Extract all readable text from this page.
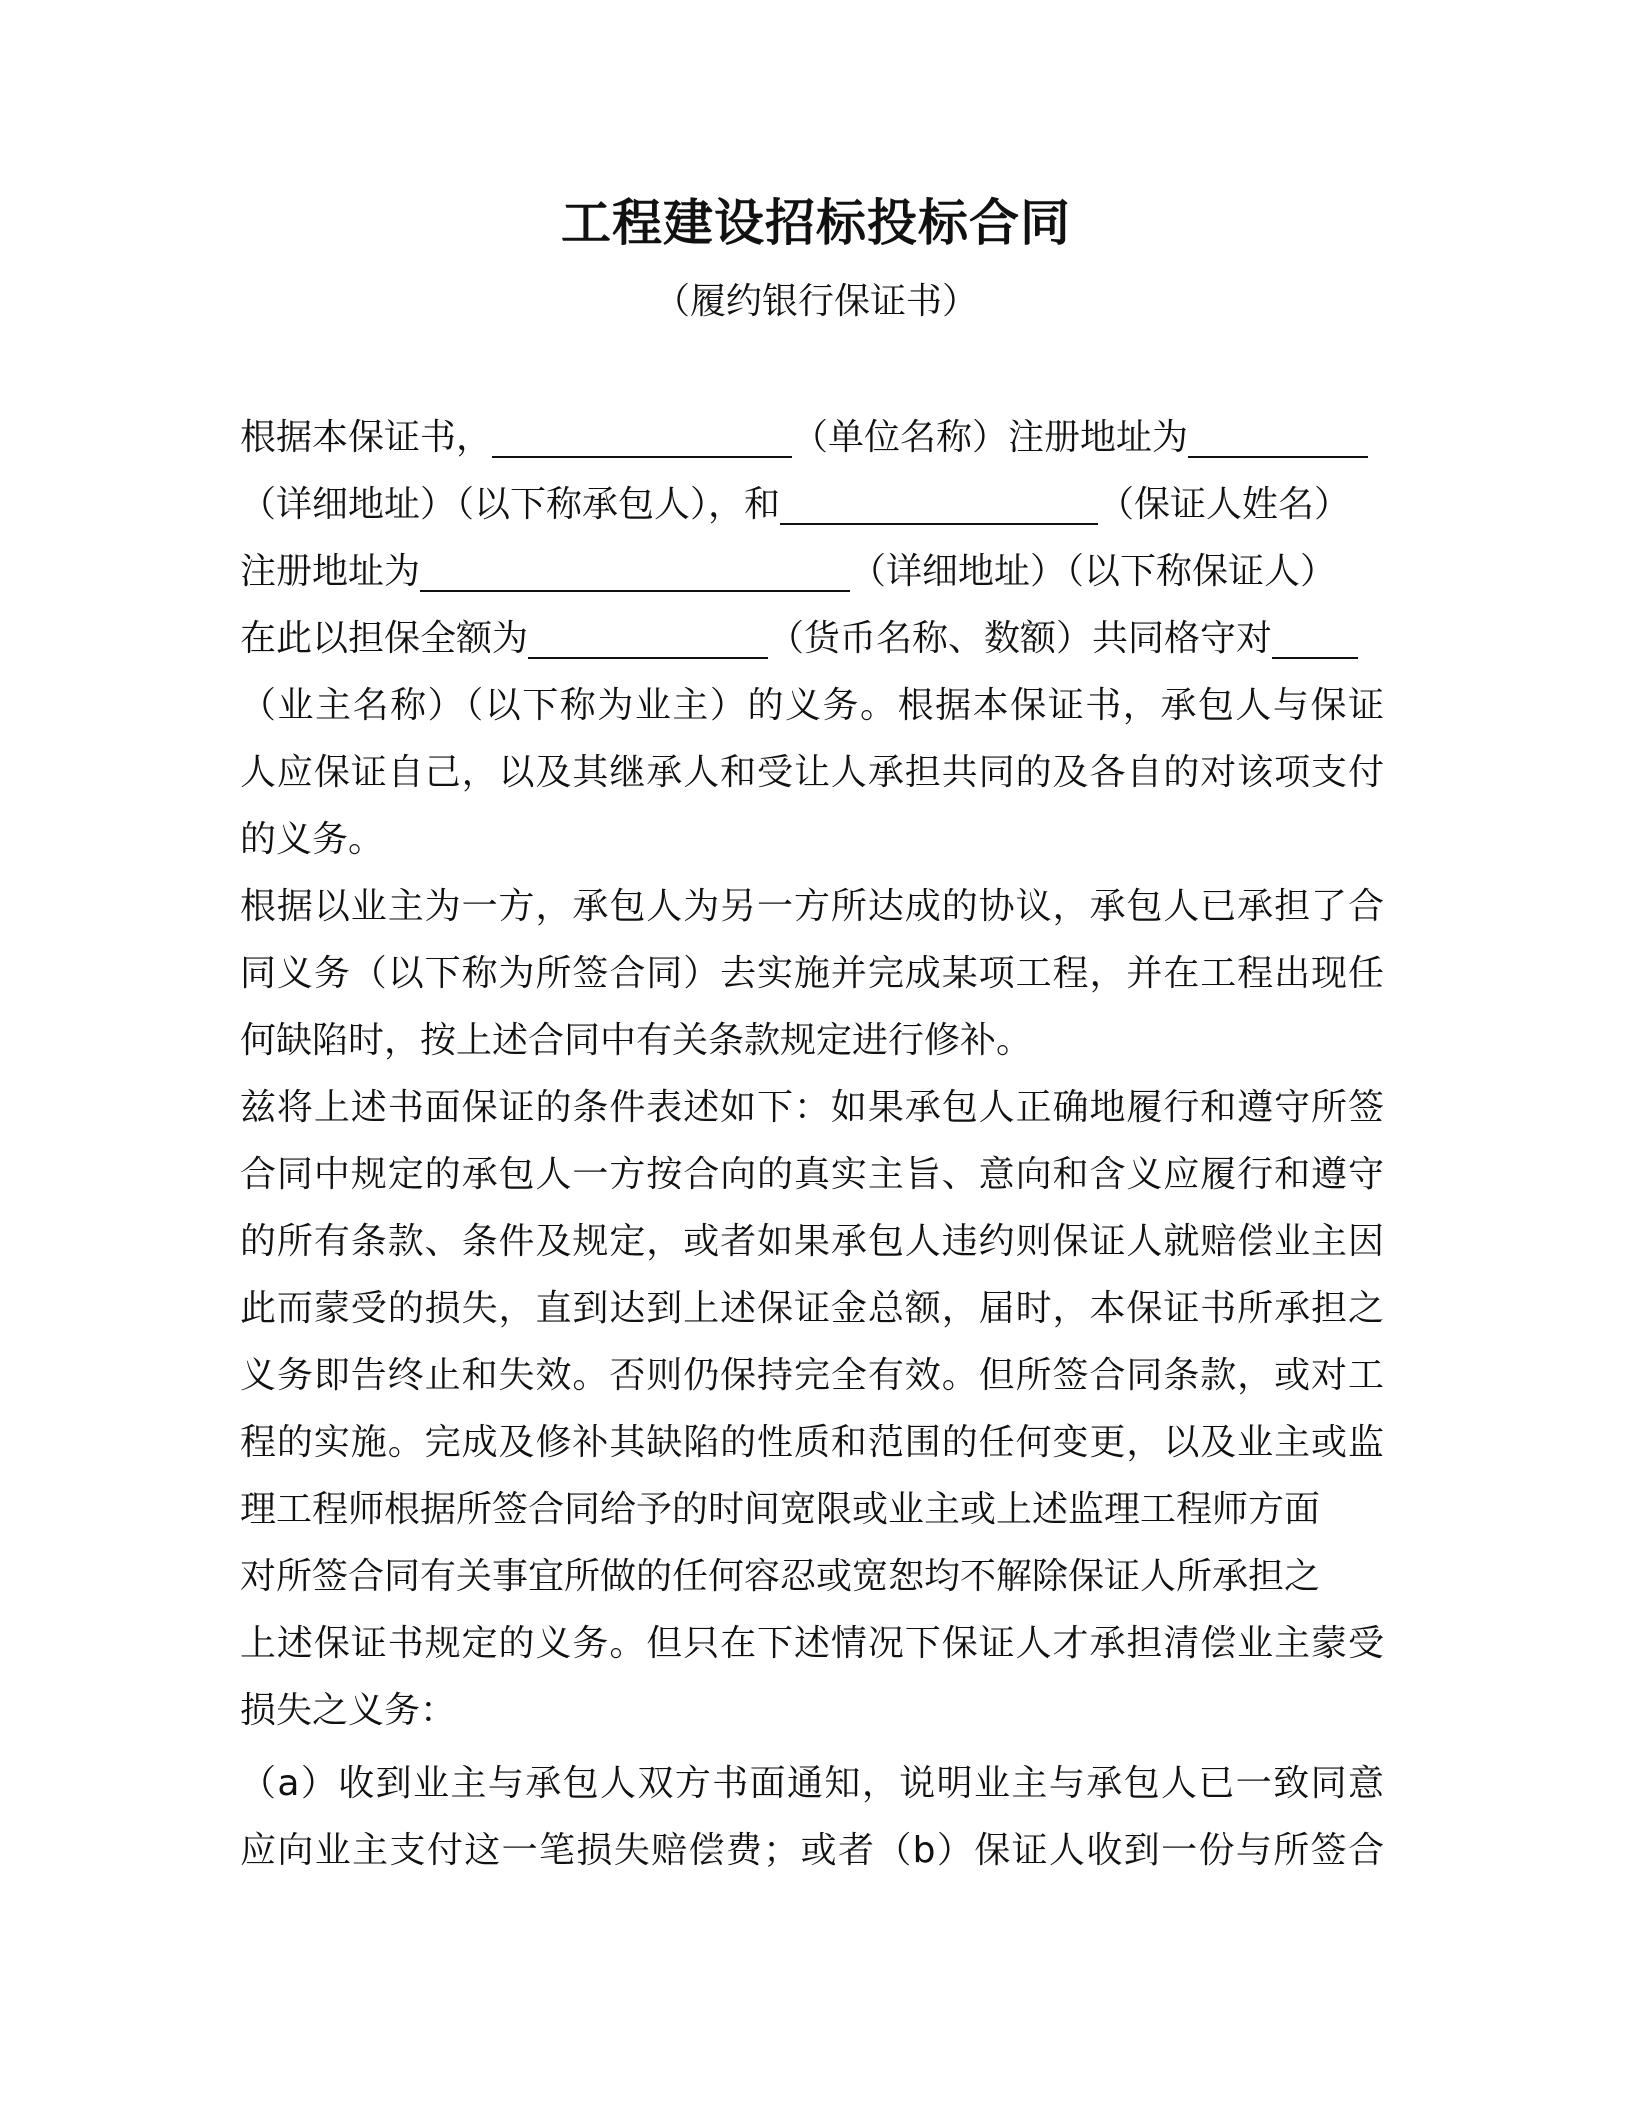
工程建设招标投标合同

（履约银行保证书）

根据本保证书，	（单位名称）注册地址为
（详细地址）（以下称承包人），和	（保证人姓名）
注册地址为	（详细地址）（以下称保证人）
在此以担保全额为	（货币名称、数额）共同格守对
（业主名称）（以下称为业主）的义务。根据本保证书，承包人与保证
人应保证自己，以及其继承人和受让人承担共同的及各自的对该项支付
的义务。
根据以业主为一方，承包人为另一方所达成的协议，承包人已承担了合
同义务（以下称为所签合同）去实施并完成某项工程，并在工程出现任
何缺陷时，按上述合同中有关条款规定进行修补。
兹将上述书面保证的条件表述如下：如果承包人正确地履行和遵守所签
合同中规定的承包人一方按合向的真实主旨、意向和含义应履行和遵守
的所有条款、条件及规定，或者如果承包人违约则保证人就赔偿业主因
此而蒙受的损失，直到达到上述保证金总额，届时，本保证书所承担之
义务即告终止和失效。否则仍保持完全有效。但所签合同条款，或对工
程的实施。完成及修补其缺陷的性质和范围的任何变更，以及业主或监
理工程师根据所签合同给予的时间宽限或业主或上述监理工程师方面
对所签合同有关事宜所做的任何容忍或宽恕均不解除保证人所承担之
上述保证书规定的义务。但只在下述情况下保证人才承担清偿业主蒙受
损失之义务：
（a）收到业主与承包人双方书面通知，说明业主与承包人已一致同意
应向业主支付这一笔损失赔偿费；或者（b）保证人收到一份与所签合
